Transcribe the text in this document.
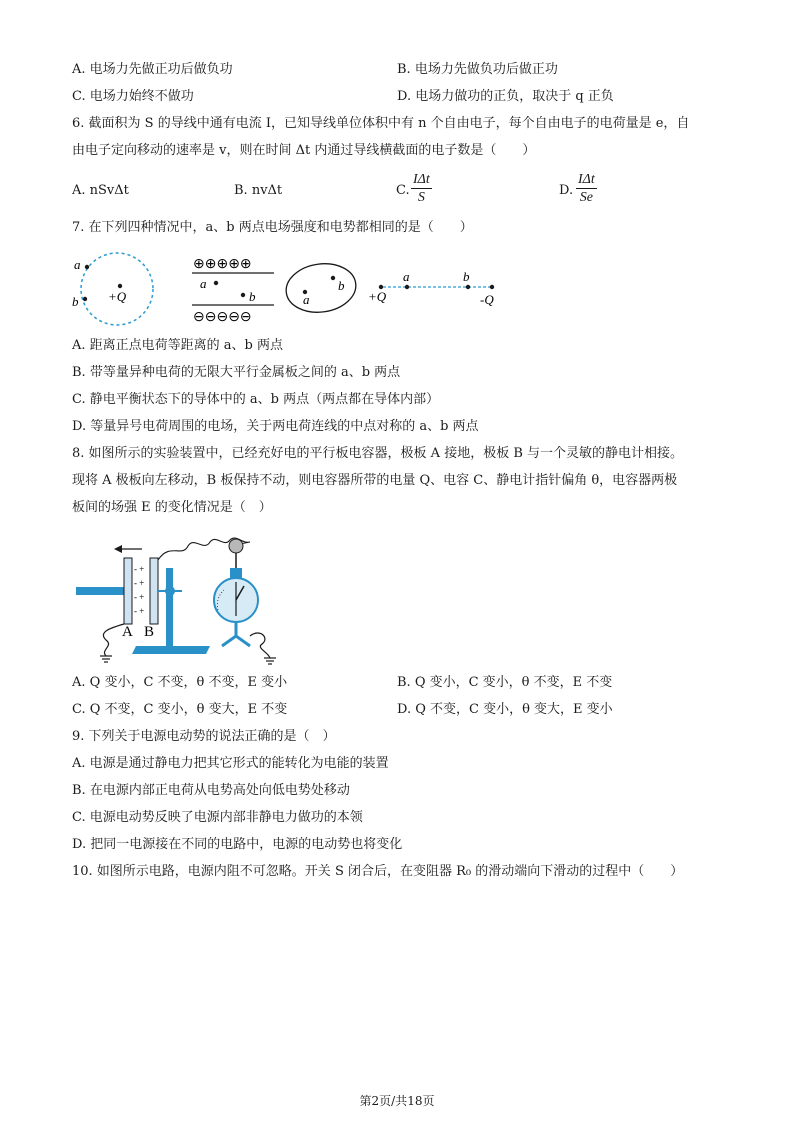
A. 电场力先做正功后做负功	B. 电场力先做负功后做正功
C. 电场力始终不做功	D. 电场力做功的正负，取决于 q 正负
6. 截面积为 S 的导线中通有电流 I，已知导线单位体积中有 n 个自由电子，每个自由电子的电荷量是 e，自
由电子定向移动的速率是 v，则在时间 Δt 内通过导线横截面的电子数是（　　）
A. nSvΔt	B. nvΔt	C.
IΔt
S	D.
IΔt
Se
7. 在下列四种情况中，a、b 两点电场强度和电势都相同的是（　　）
a
b +Q
⊕⊕⊕⊕⊕
⊖⊖⊖⊖⊖
a
b	a
b
a	b
+Q	-Q
A. 距离正点电荷等距离的 a、b 两点
B. 带等量异种电荷的无限大平行金属板之间的 a、b 两点
C. 静电平衡状态下的导体中的 a、b 两点（两点都在导体内部）
D. 等量异号电荷周围的电场，关于两电荷连线的中点对称的 a、b 两点
8. 如图所示的实验装置中，已经充好电的平行板电容器，极板 A 接地，极板 B 与一个灵敏的静电计相接。
现将 A 极板向左移动，B 板保持不动，则电容器所带的电量 Q、电容 C、静电计指针偏角 θ，电容器两极
板间的场强 E 的变化情况是（　）
- +
- +
- +
- +
A B
A. Q 变小，C 不变，θ 不变，E 变小	B. Q 变小，C 变小，θ 不变，E 不变
C. Q 不变，C 变小，θ 变大，E 不变	D. Q 不变，C 变小，θ 变大，E 变小
9. 下列关于电源电动势的说法正确的是（　）
A. 电源是通过静电力把其它形式的能转化为电能的装置
B. 在电源内部正电荷从电势高处向低电势处移动
C. 电源电动势反映了电源内部非静电力做功的本领
D. 把同一电源接在不同的电路中，电源的电动势也将变化
10. 如图所示电路，电源内阻不可忽略。开关 S 闭合后，在变阻器 R₀ 的滑动端向下滑动的过程中（　　）
第2页/共18页
